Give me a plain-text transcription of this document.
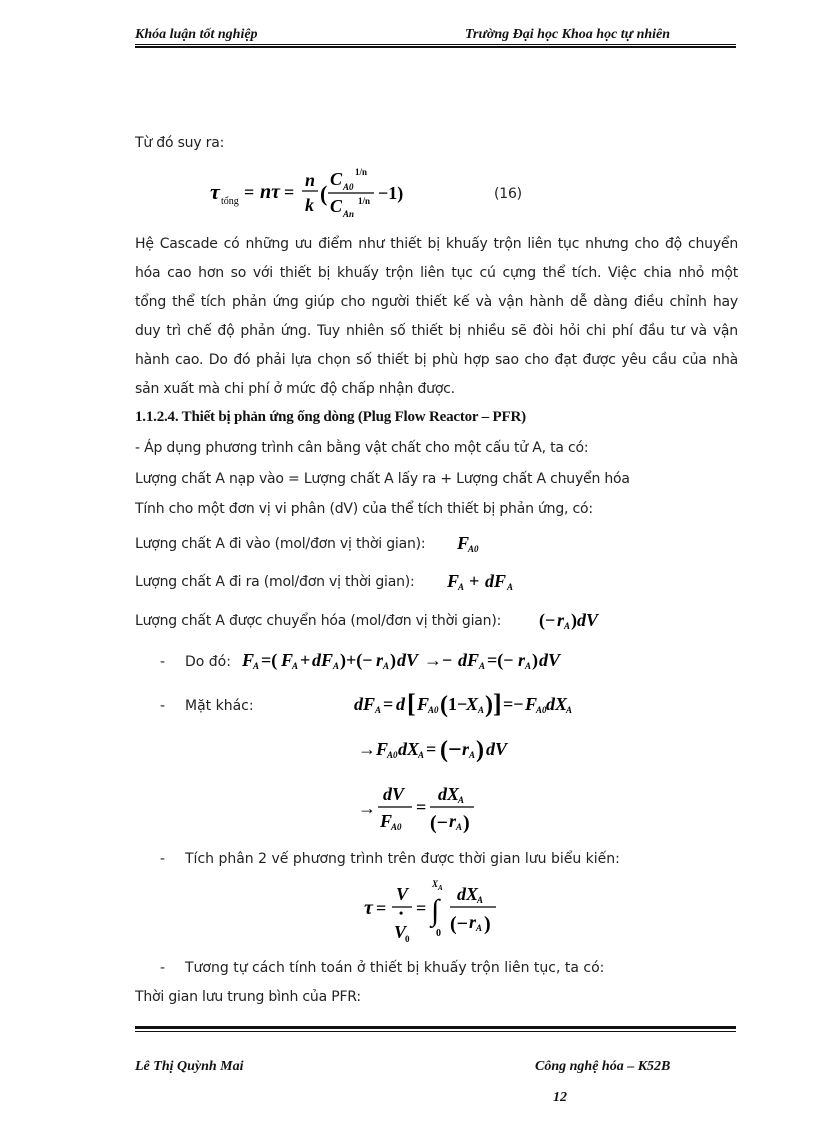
Khóa luận tốt nghiệp	Trường Đại học Khoa học tự nhiên
Từ đó suy ra:
τ tổng = nτ =
n
k (
C A0
1/n
C An
1/n −1)	(16)
Hệ Cascade có những ưu điểm như thiết bị khuấy trộn liên tục nhưng cho độ chuyển
hóa cao hơn so với thiết bị khuấy trộn liên tục cú cựng thể tích. Việc chia nhỏ một
tổng thể tích phản ứng giúp cho người thiết kế và vận hành dễ dàng điều chỉnh hay
duy trì chế độ phản ứng. Tuy nhiên số thiết bị nhiều sẽ đòi hỏi chi phí đầu tư và vận
hành cao. Do đó phải lựa chọn số thiết bị phù hợp sao cho đạt được yêu cầu của nhà
sản xuất mà chi phí ở mức độ chấp nhận được.
1.1.2.4. Thiết bị phản ứng ống dòng (Plug Flow Reactor – PFR)
- Áp dụng phương trình cân bằng vật chất cho một cấu tử A, ta có:
Lượng chất A nạp vào = Lượng chất A lấy ra + Lượng chất A chuyển hóa
Tính cho một đơn vị vi phân (dV) của thể tích thiết bị phản ứng, có:
Lượng chất A đi vào (mol/đơn vị thời gian): F
A0
Lượng chất A đi ra (mol/đơn vị thời gian): F
A + dF A
Lượng chất A được chuyển hóa (mol/đơn vị thời gian): (− r A ) dV
- Do đó: F
A =( F
A + dF A )+(− r A ) dV →− dF A =(− r A ) dV
- Mặt khác:	dF A = d [ F
A0 ( 1−
X A ) ] =− F
A0 dX
A
→ F
A0 dX
A = (− r A ) dV
→
dV
F
A0
=
dX
A
(− r A )
- Tích phân 2 vế phương trình trên được thời gian lưu biểu kiến:
τ =
V
•
V
0
=
X A
∫
0
dX
A
(− r A )
- Tương tự cách tính toán ở thiết bị khuấy trộn liên tục, ta có:
Thời gian lưu trung bình của PFR:
Lê Thị Quỳnh Mai	Công nghệ hóa – K52B
12
